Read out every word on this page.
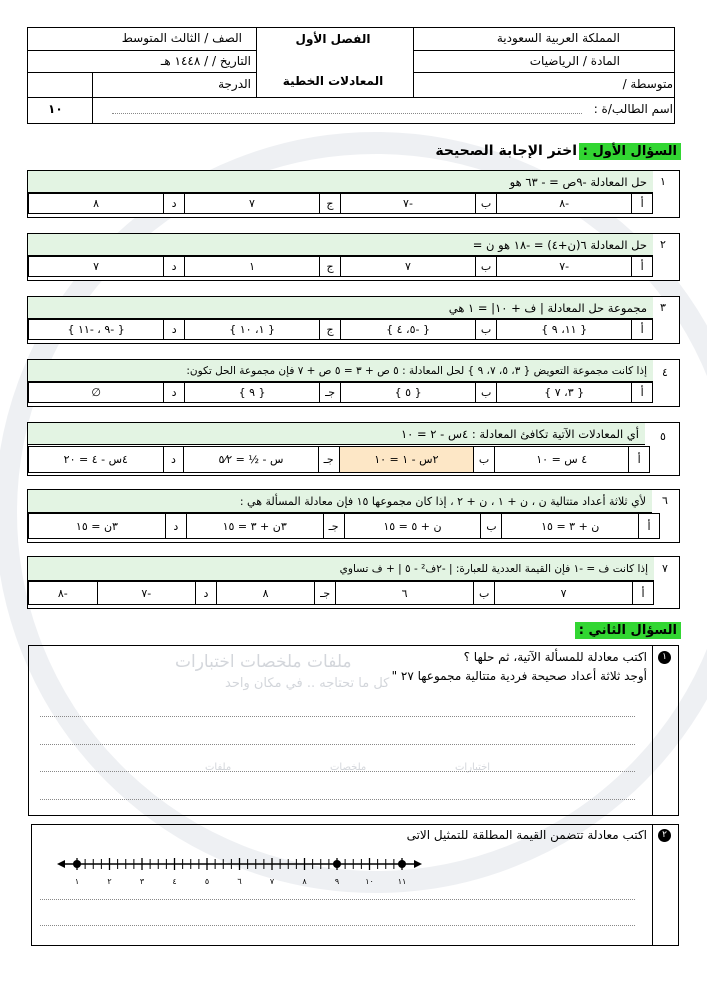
ملفات ملخصات اختبارات
كل ما تحتاجه .. في مكان واحد
ملفات	ملخصات	اختبارات
المملكة العربية السعودية
المادة / الرياضيات
متوسطة /
اسم الطالب/ة :
الفصل الأول
المعادلات الخطية
الصف / الثالث المتوسط
التاريخ / / ١٤٤٨ هـ
الدرجة
١٠
السؤال الأول :
اختر الإجابة الصحيحة
حل المعادلة -٩ص = - ٦٣ هو	١
أ	-٨	ب	-٧	ج	٧	د	٨
حل المعادلة ٦(ن+٤) = -١٨ هو ن =	٢
أ	-٧	ب	٧	ج	١	د	٧
مجموعة حل المعادلة | ف + ١٠| = ١ هي	٣
أ	{ ١١، ٩ }	ب	{ -٥، ٤ }	ج	{ ١، ١٠ }	د	{ -٩ ، -١١ }
إذا كانت مجموعة التعويض { ٣، ٥، ٧، ٩ } لحل المعادلة : ٥ ص + ٣ = ٥ ص + ٧ فإن مجموعة الحل تكون:	٤
أ	{ ٣، ٧ }	ب	{ ٥ }	جـ	{ ٩ }	د	∅
أي المعادلات الآتية تكافئ المعادلة : ٤س - ٢ = ١٠	٥
أ	٤ س = ١٠	ب	٢س - ١ = ١٠	جـ	س - ½ = ٥⁄٢	د	٤س - ٤ = ٢٠
لأي ثلاثة أعداد متتالية ن ، ن + ١ ، ن + ٢ ، إذا كان مجموعها ١٥ فإن معادلة المسألة هي :	٦
أ	ن + ٣ = ١٥	ب	ن + ٥ = ١٥	جـ	٣ن + ٣ = ١٥	د	٣ن = ١٥
إذا كانت ف = -١ فإن القيمة العددية للعبارة: | -٢ف² - ٥ | + ف تساوي	٧
أ	٧	ب	٦	جـ	٨	د	-٧	-٨
السؤال الثاني :
١
اكتب معادلة للمسألة الآتية، ثم حلها ؟
أوجد ثلاثة أعداد صحيحة فردية متتالية مجموعها ٢٧ "
٢
اكتب معادلة تتضمن القيمة المطلقة للتمثيل الاتى
١	٢	٣	٤	٥	٦	٧	٨	٩	١٠	١١
